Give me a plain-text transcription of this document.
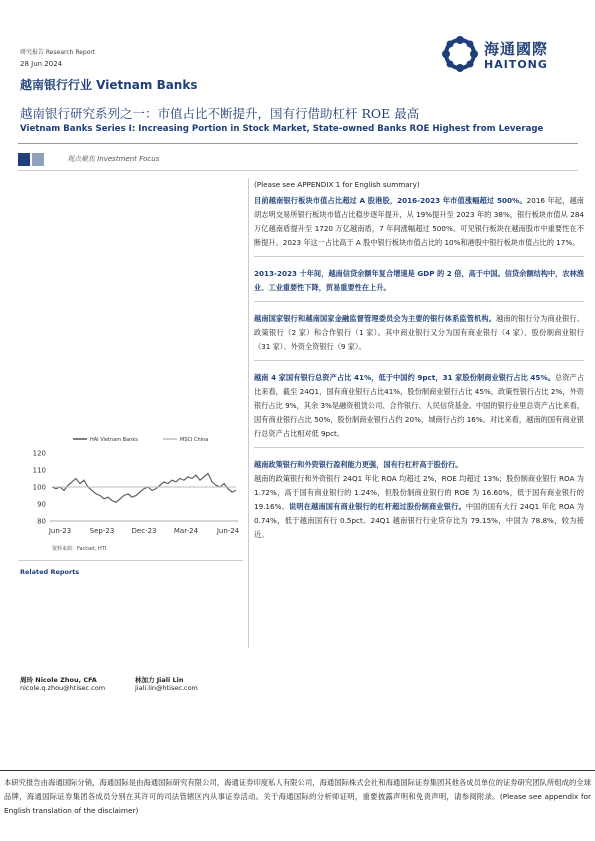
研究报告 Research Report
28 Jun 2024
越南银行行业 Vietnam Banks
海通國際
HAITONG
越南银行研究系列之一：市值占比不断提升，国有行借助杠杆 ROE 最高
Vietnam Banks Series I: Increasing Portion in Stock Market, State-owned Banks ROE Highest from Leverage
观点聚焦 Investment Focus

(Please see APPENDIX 1 for English summary)

目前越南银行板块市值占比超过 A 股港股，2016-2023 年市值涨幅超过 500%。2016 年起，越南胡志明交易所银行板块市值占比稳步逐年提升，从 19%提升至 2023 年的 38%，银行板块市值从 284 万亿越南盾提升至 1720 万亿越南盾，7 年间涨幅超过 500%。可见银行板块在越南股市中重要性在不断提升。2023 年这一占比高于 A 股中银行板块市值占比的 10%和港股中银行板块市值占比的 17%。

2013-2023 十年间，越南信贷余额年复合增速是 GDP 的 2 倍，高于中国。信贷余额结构中，农林渔业、工业重要性下降，贸易重要性在上升。

越南国家银行和越南国家金融监督管理委员会为主要的银行体系监管机构。越南的银行分为商业银行、政策银行（2 家）和合作银行（1 家）。其中商业银行又分为国有商业银行（4 家）、股份制商业银行（31 家）、外资全资银行（9 家）。

越南 4 家国有银行总资产占比 41%，低于中国约 9pct，31 家股份制商业银行占比 45%。总资产占比来看，截至 24Q1，国有商业银行占比41%，股份制商业银行占比 45%，政策性银行占比 2%，外资银行占比 9%，其余 3%是融资租赁公司、合作银行、人民信贷基金。中国的银行业里总资产占比来看，国有商业银行占比 50%，股份制商业银行占约 20%，城商行占约 16%。对比来看，越南的国有商业银行总资产占比相对低 9pct。

越南政策银行和外资银行盈利能力更强，国有行杠杆高于股份行。
越南的政策银行和外资银行 24Q1 年化 ROA 均超过 2%，ROE 均超过 13%；股份制商业银行 ROA 为 1.72%，高于国有商业银行的 1.24%，但股份制商业银行的 ROE 为 16.60%，低于国有商业银行的 19.16%。说明在越南国有商业银行的杠杆超过股份制商业银行。中国的国有大行 24Q1 年化 ROA 为 0.74%，低于越南国有行 0.5pct。24Q1 越南银行行业贷存比为 79.15%，中国为 78.8%，较为接近。

HAI Vietnam Banks	MSCI China
120
110
100
90
80
Jun-23	Sep-23 Dec-23 Mar-24	Jun-24
资料来源：Factset, HTI
Related Reports
周玲 Nicole Zhou, CFA
nicole.q.zhou@htisec.com
林加力 Jiali Lin
jiali.lin@htisec.com
本研究报告由海通国际分销，海通国际是由海通国际研究有限公司，海通证券印度私人有限公司，海通国际株式会社和海通国际证券集团其他各成员单位的证券研究团队所组成的全球品牌，海通国际证券集团各成员分别在其许可的司法管辖区内从事证券活动。关于海通国际的分析师证明，重要披露声明和免责声明，请参阅附录。(Please see appendix for English translation of the disclaimer)
